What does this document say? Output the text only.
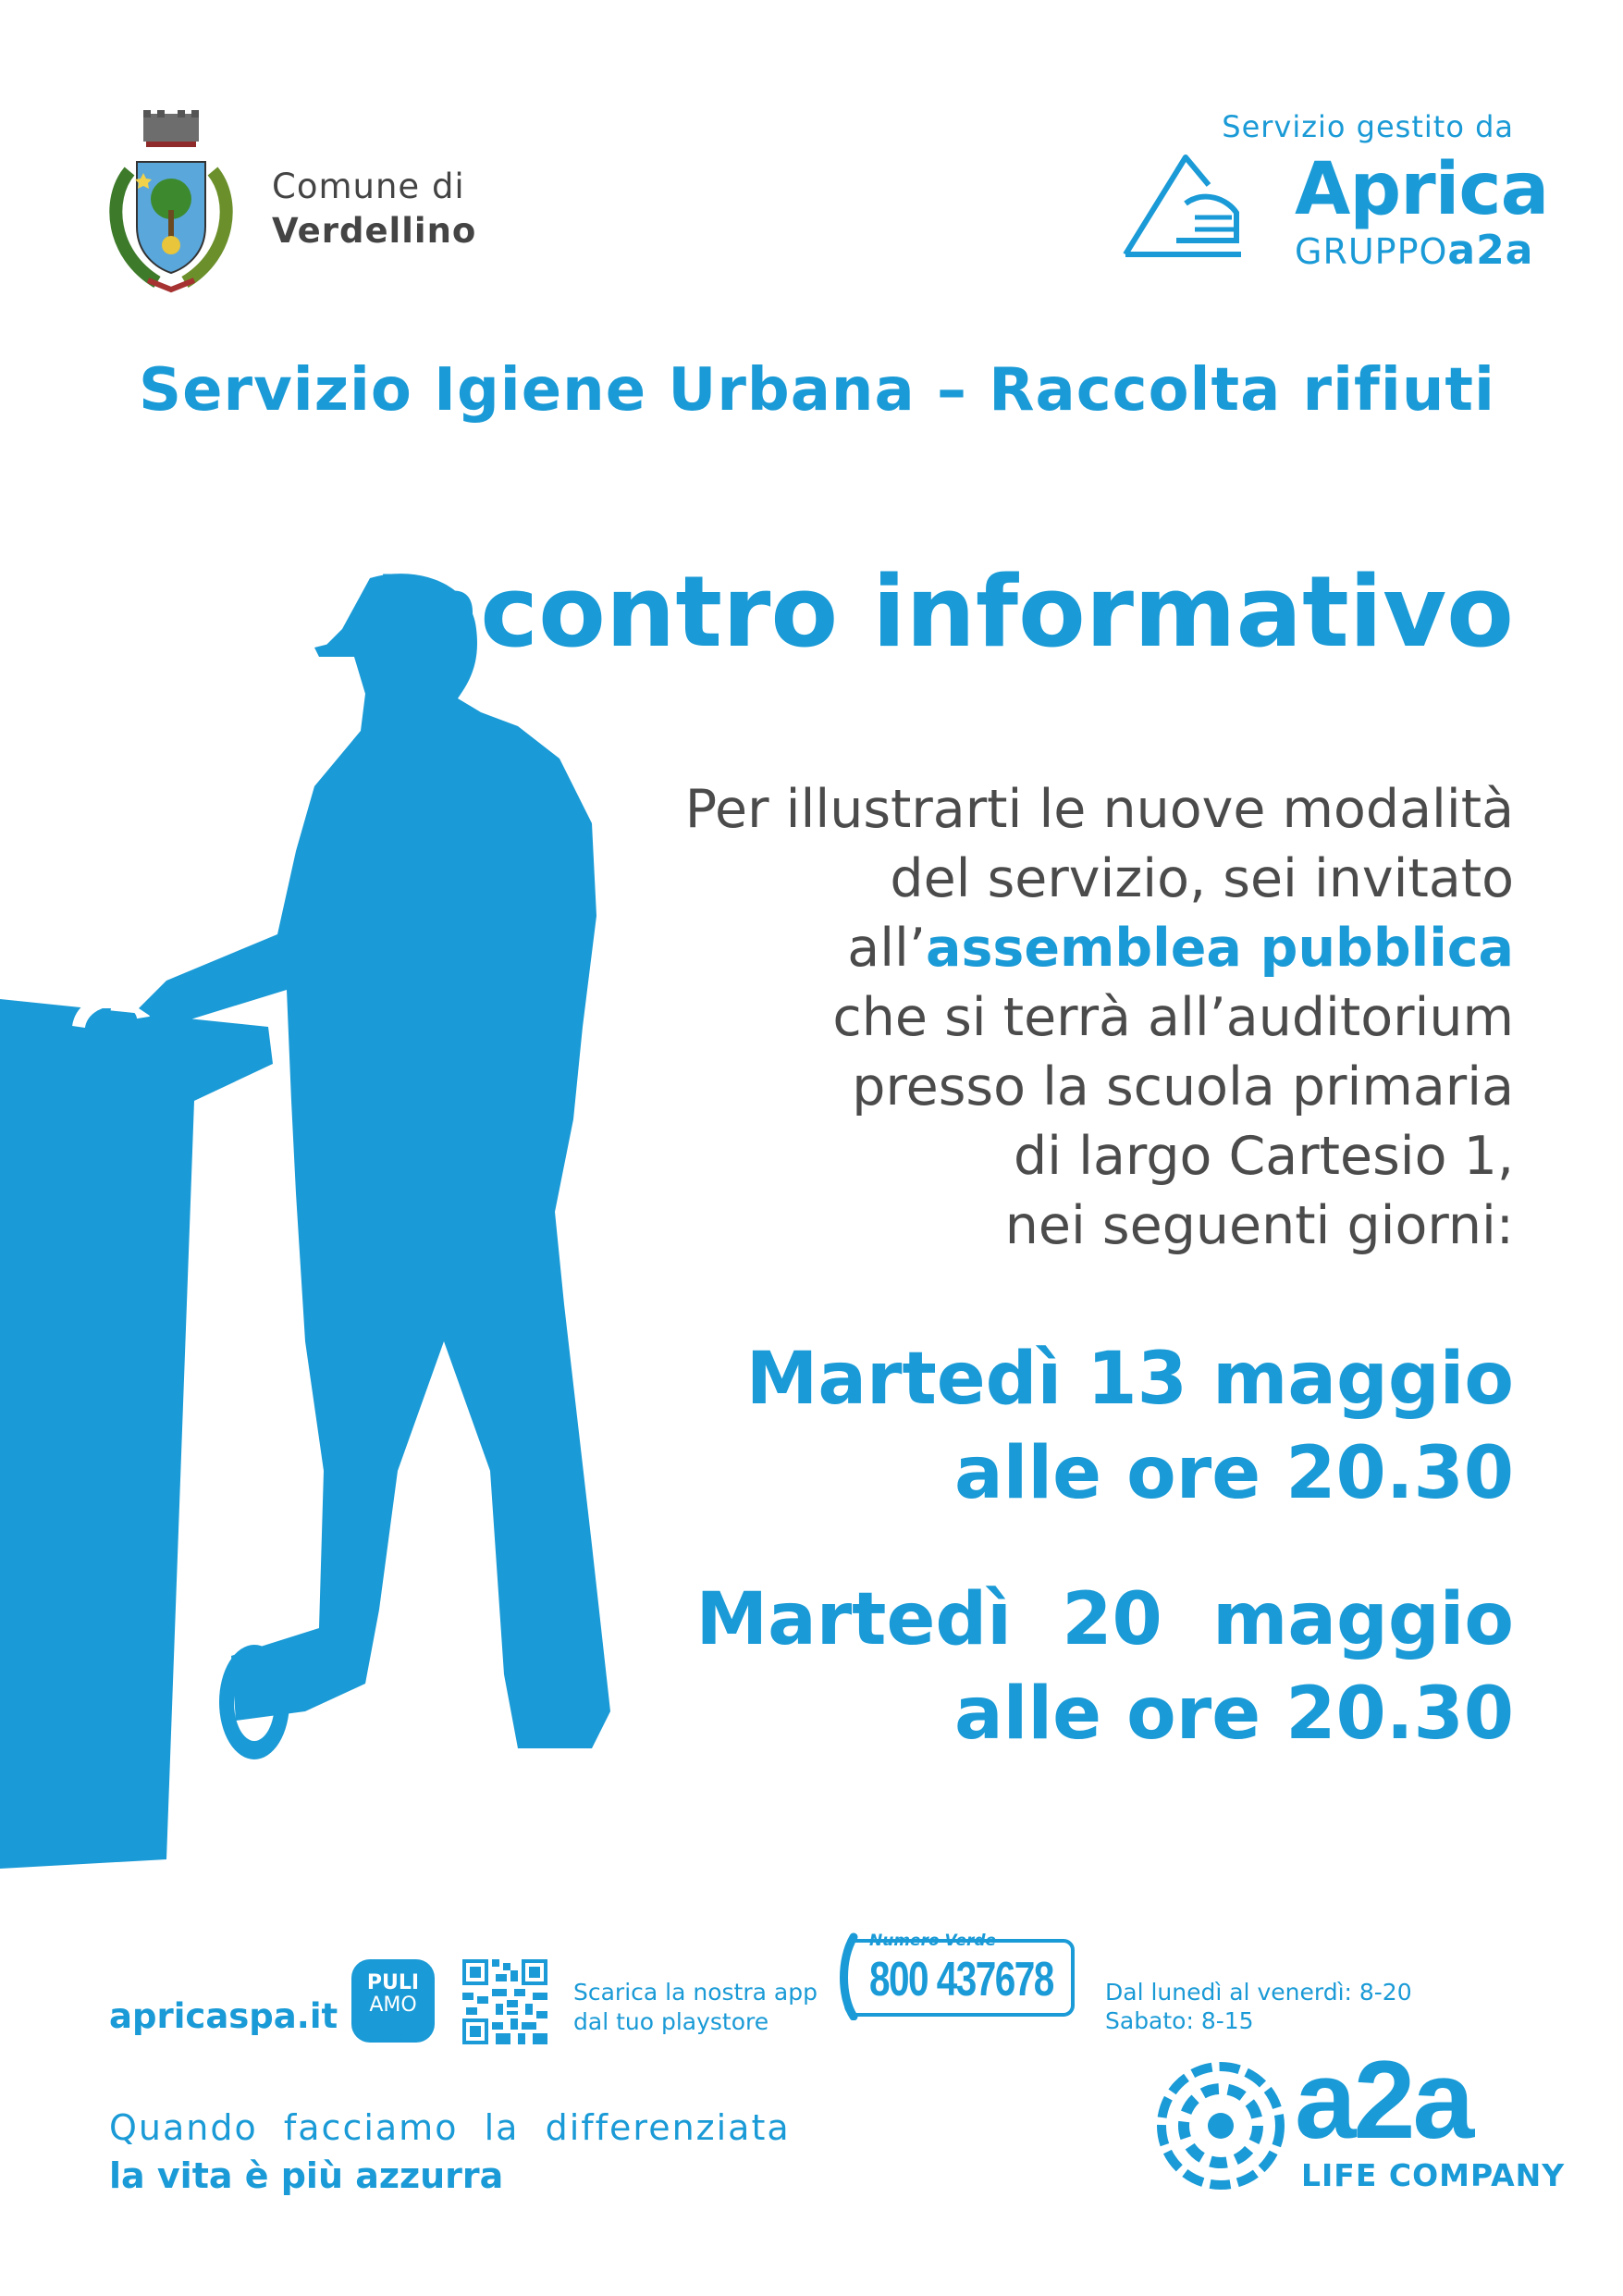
Comune di
Verdellino
Servizio gestito da
Aprica
GRUPPOa2a
Servizio Igiene Urbana – Raccolta rifiuti
Incontro informativo
Per illustrarti le nuove modalità
del servizio, sei invitato
all’assemblea pubblica
che si terrà all’auditorium
presso la scuola primaria
di largo Cartesio 1,
nei seguenti giorni:
Martedì 13 maggio
alle ore 20.30
Martedì  20  maggio
alle ore 20.30
apricaspa.it
PULI
AMO
a2a
Scarica la nostra app
dal tuo playstore
Numero Verde
800 437678 Dal lunedì al venerdì: 8-20
Sabato: 8-15
Quando  facciamo  la  differenziata
la vita è più azzurra
a2a
LIFE COMPANY
